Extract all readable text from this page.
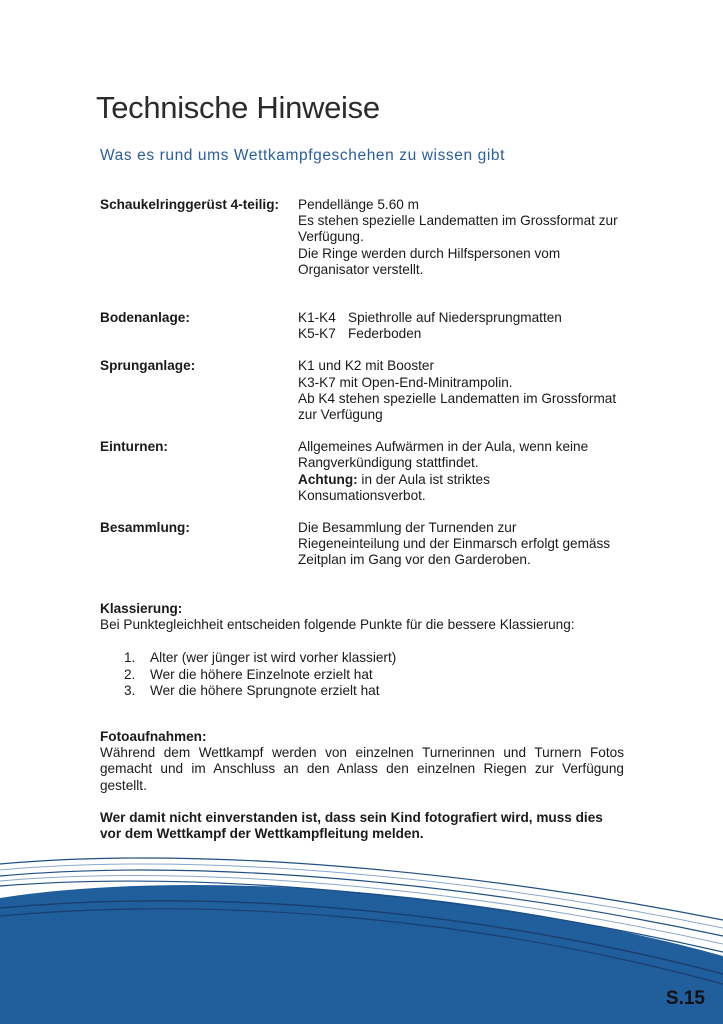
Technische Hinweise

Was es rund ums Wettkampfgeschehen zu wissen gibt

Schaukelringgerüst 4-teilig:	Pendellänge 5.60 m
Es stehen spezielle Landematten im Grossformat zur
Verfügung.
Die Ringe werden durch Hilfspersonen vom
Organisator verstellt.
Bodenanlage:	K1-K4 Spiethrolle auf Niedersprungmatten
K5-K7 Federboden
Sprunganlage:	K1 und K2 mit Booster
K3-K7 mit Open-End-Minitrampolin.
Ab K4 stehen spezielle Landematten im Grossformat
zur Verfügung
Einturnen:	Allgemeines Aufwärmen in der Aula, wenn keine
Rangverkündigung stattfindet.
Achtung: in der Aula ist striktes
Konsumationsverbot.
Besammlung:	Die Besammlung der Turnenden zur
Riegeneinteilung und der Einmarsch erfolgt gemäss
Zeitplan im Gang vor den Garderoben.
Klassierung:
Bei Punktegleichheit entscheiden folgende Punkte für die bessere Klassierung:
1.	Alter (wer jünger ist wird vorher klassiert)
2.	Wer die höhere Einzelnote erzielt hat
3.	Wer die höhere Sprungnote erzielt hat
Fotoaufnahmen:

Während dem Wettkampf werden von einzelnen Turnerinnen und Turnern Fotos gemacht und im Anschluss an den Anlass den einzelnen Riegen zur Verfügung gestellt.

Wer damit nicht einverstanden ist, dass sein Kind fotografiert wird, muss dies vor dem Wettkampf der Wettkampfleitung melden.

S.15
